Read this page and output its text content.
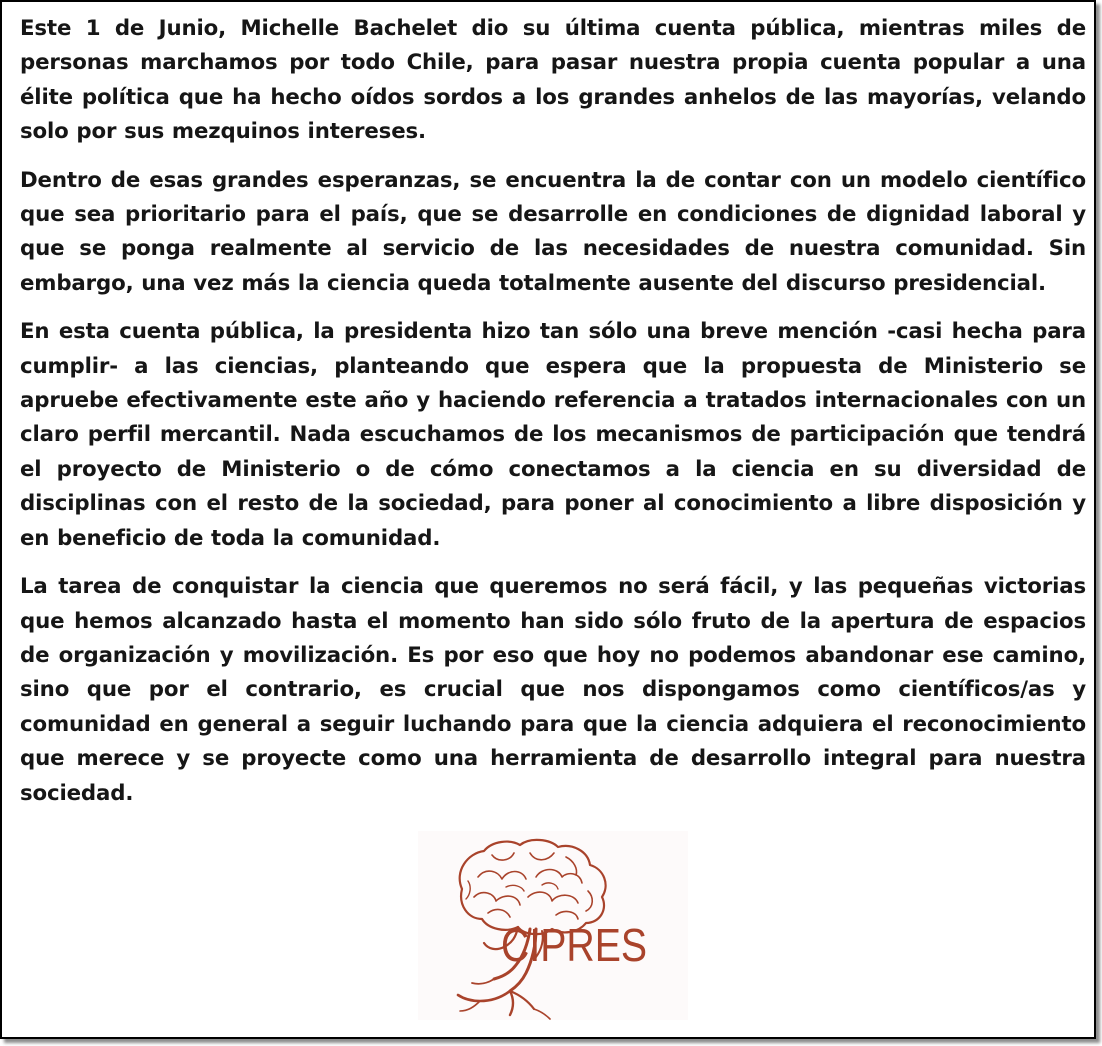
Este 1 de Junio, Michelle Bachelet dio su última cuenta pública, mientras miles de personas marchamos por todo Chile, para pasar nuestra propia cuenta popular a una élite política que ha hecho oídos sordos a los grandes anhelos de las mayorías, velando solo por sus mezquinos intereses.

Dentro de esas grandes esperanzas, se encuentra la de contar con un modelo científico que sea prioritario para el país, que se desarrolle en condiciones de dignidad laboral y que se ponga realmente al servicio de las necesidades de nuestra comunidad. Sin embargo, una vez más la ciencia queda totalmente ausente del discurso presidencial.

En esta cuenta pública, la presidenta hizo tan sólo una breve mención -casi hecha para cumplir- a las ciencias, planteando que espera que la propuesta de Ministerio se apruebe efectivamente este año y haciendo referencia a tratados internacionales con un claro perfil mercantil. Nada escuchamos de los mecanismos de participación que tendrá el proyecto de Ministerio o de cómo conectamos a la ciencia en su diversidad de disciplinas con el resto de la sociedad, para poner al conocimiento a libre disposición y en beneficio de toda la comunidad.

La tarea de conquistar la ciencia que queremos no será fácil, y las pequeñas victorias que hemos alcanzado hasta el momento han sido sólo fruto de la apertura de espacios de organización y movilización. Es por eso que hoy no podemos abandonar ese camino, sino que por el contrario, es crucial que nos dispongamos como científicos/as y comunidad en general a seguir luchando para que la ciencia adquiera el reconocimiento que merece y se proyecte como una herramienta de desarrollo integral para nuestra sociedad.

CIPRES
